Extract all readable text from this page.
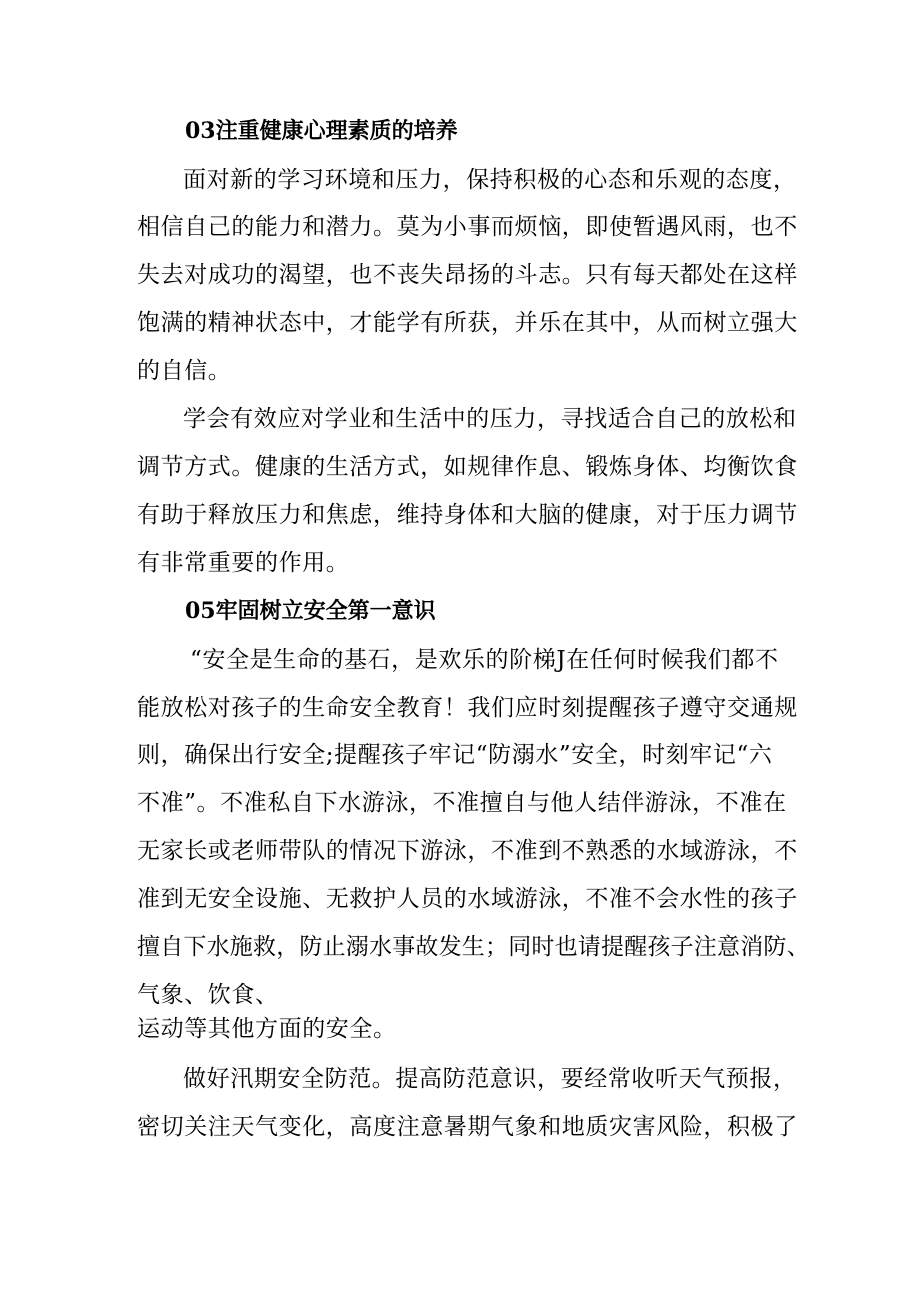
03注重健康心理素质的培养
面对新的学习环境和压力，保持积极的心态和乐观的态度，
相信自己的能力和潜力。莫为小事而烦恼，即使暂遇风雨，也不
失去对成功的渴望，也不丧失昂扬的斗志。只有每天都处在这样
饱满的精神状态中，才能学有所获，并乐在其中，从而树立强大
的自信。
学会有效应对学业和生活中的压力，寻找适合自己的放松和
调节方式。健康的生活方式，如规律作息、锻炼身体、均衡饮食
有助于释放压力和焦虑，维持身体和大脑的健康，对于压力调节
有非常重要的作用。
05牢固树立安全第一意识
“安全是生命的基石，是欢乐的阶梯J在任何时候我们都不
能放松对孩子的生命安全教育！我们应时刻提醒孩子遵守交通规
则，确保出行安全;提醒孩子牢记“防溺水”安全，时刻牢记“六
不准”。不准私自下水游泳，不准擅自与他人结伴游泳，不准在
无家长或老师带队的情况下游泳，不准到不熟悉的水域游泳，不
准到无安全设施、无救护人员的水域游泳，不准不会水性的孩子
擅自下水施救，防止溺水事故发生；同时也请提醒孩子注意消防、
气象、饮食、
运动等其他方面的安全。
做好汛期安全防范。提高防范意识，要经常收听天气预报，
密切关注天气变化，高度注意暑期气象和地质灾害风险，积极了
